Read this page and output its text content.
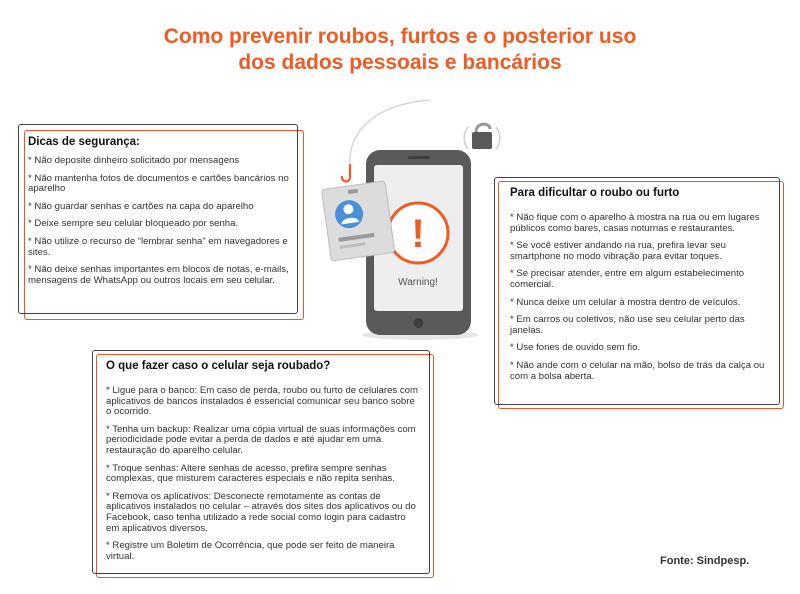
Como prevenir roubos, furtos e o posterior uso
dos dados pessoais e bancários
Dicas de segurança:
* Não deposite dinheiro solicitado por mensagens
* Não mantenha fotos de documentos e cartões bancários no aparelho
* Não guardar senhas e cartões na capa do aparelho
* Deixe sempre seu celular bloqueado por senha.
* Não utilize o recurso de “lembrar senha” em navegadores e sites.
* Não deixe senhas importantes em blocos de notas, e-mails, mensagens de WhatsApp ou outros locais em seu celular.
Para dificultar o roubo ou furto
* Não fique com o aparelho à mostra na rua ou em lugares públicos como bares, casas noturnas e restaurantes.
* Se você estiver andando na rua, prefira levar seu smartphone no modo vibração para evitar toques.
* Se precisar atender, entre em algum estabelecimento comercial.
* Nunca deixe um celular à mostra dentro de veículos.
* Em carros ou coletivos, não use seu celular perto das janelas.
* Use fones de ouvido sem fio.
* Não ande com o celular na mão, bolso de trás da calça ou com a bolsa aberta.
O que fazer caso o celular seja roubado?
* Ligue para o banco: Em caso de perda, roubo ou furto de celulares com aplicativos de bancos instalados é essencial comunicar seu banco sobre o ocorrido.
* Tenha um backup: Realizar uma cópia virtual de suas informações com periodicidade pode evitar a perda de dados e até ajudar em uma restauração do aparelho celular.
* Troque senhas: Altere senhas de acesso, prefira sempre senhas complexas, que misturem caracteres especiais e não repita senhas.
* Remova os aplicativos: Desconecte remotamente as contas de aplicativos instalados no celular – através dos sites dos aplicativos ou do Facebook, caso tenha utilizado a rede social como login para cadastro em aplicativos diversos.
* Registre um Boletim de Ocorrência, que pode ser feito de maneira virtual.
!
Warning!
Fonte: Sindpesp.
